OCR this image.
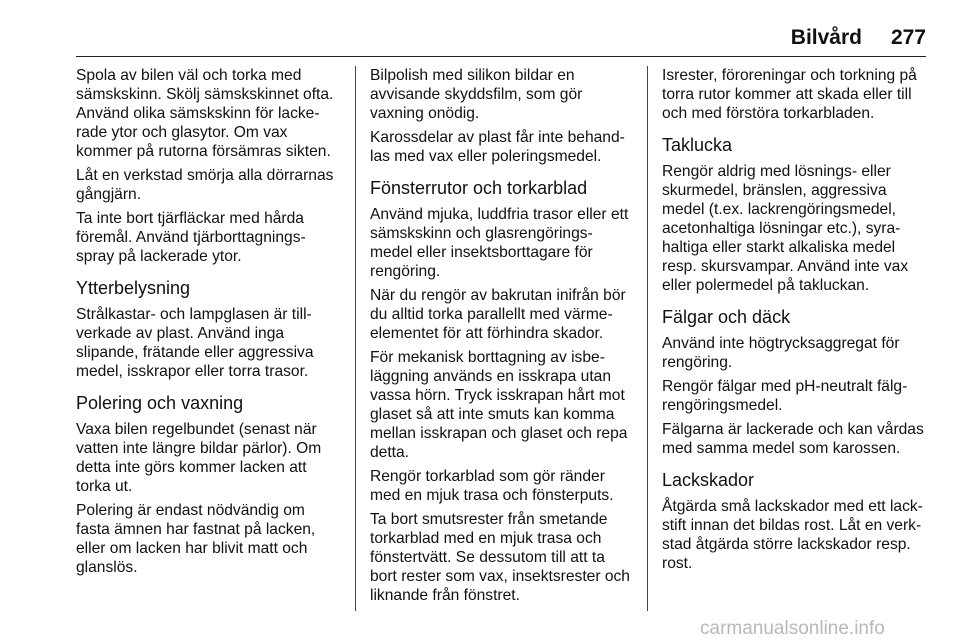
Bilvård 277

Spola av bilen väl och torka med
sämskskinn. Skölj sämskskinnet ofta.
Använd olika sämskskinn för lacke-
rade ytor och glasytor. Om vax
kommer på rutorna försämras sikten.

Låt en verkstad smörja alla dörrarnas
gångjärn.

Ta inte bort tjärfläckar med hårda
föremål. Använd tjärborttagnings-
spray på lackerade ytor.

Ytterbelysning

Strålkastar- och lampglasen är till-
verkade av plast. Använd inga
slipande, frätande eller aggressiva
medel, isskrapor eller torra trasor.

Polering och vaxning

Vaxa bilen regelbundet (senast när
vatten inte längre bildar pärlor). Om
detta inte görs kommer lacken att
torka ut.

Polering är endast nödvändig om
fasta ämnen har fastnat på lacken,
eller om lacken har blivit matt och
glanslös.

Bilpolish med silikon bildar en
avvisande skyddsfilm, som gör
vaxning onödig.

Karossdelar av plast får inte behand-
las med vax eller poleringsmedel.

Fönsterrutor och torkarblad

Använd mjuka, luddfria trasor eller ett
sämskskinn och glasrengörings-
medel eller insektsborttagare för
rengöring.

När du rengör av bakrutan inifrån bör
du alltid torka parallellt med värme-
elementet för att förhindra skador.

För mekanisk borttagning av isbe-
läggning används en isskrapa utan
vassa hörn. Tryck isskrapan hårt mot
glaset så att inte smuts kan komma
mellan isskrapan och glaset och repa
detta.

Rengör torkarblad som gör ränder
med en mjuk trasa och fönsterputs.

Ta bort smutsrester från smetande
torkarblad med en mjuk trasa och
fönstertvätt. Se dessutom till att ta
bort rester som vax, insektsrester och
liknande från fönstret.

Isrester, föroreningar och torkning på
torra rutor kommer att skada eller till
och med förstöra torkarbladen.

Taklucka

Rengör aldrig med lösnings- eller
skurmedel, bränslen, aggressiva
medel (t.ex. lackrengöringsmedel,
acetonhaltiga lösningar etc.), syra-
haltiga eller starkt alkaliska medel
resp. skursvampar. Använd inte vax
eller polermedel på takluckan.

Fälgar och däck

Använd inte högtrycksaggregat för
rengöring.

Rengör fälgar med pH-neutralt fälg-
rengöringsmedel.

Fälgarna är lackerade och kan vårdas
med samma medel som karossen.

Lackskador

Åtgärda små lackskador med ett lack-
stift innan det bildas rost. Låt en verk-
stad åtgärda större lackskador resp.
rost.

carmanualsonline.info
